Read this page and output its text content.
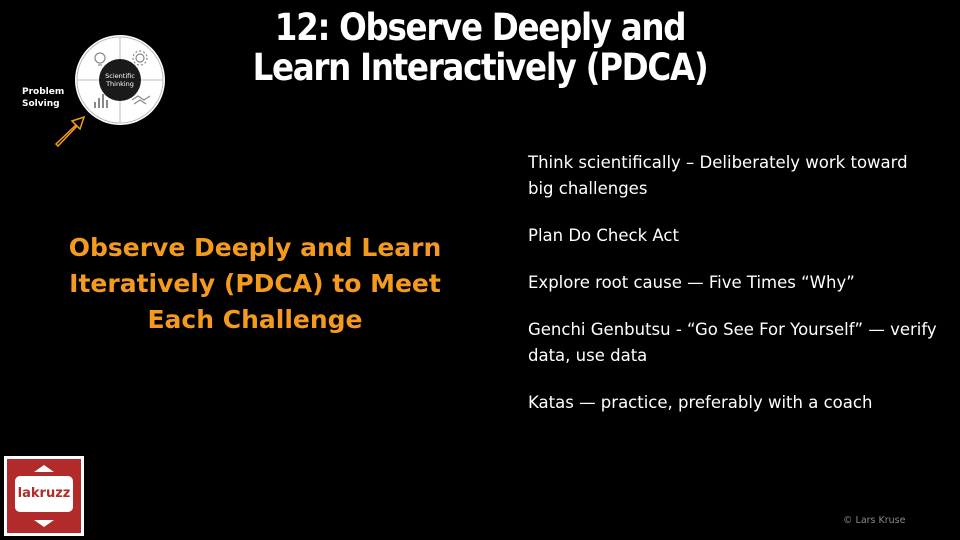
12: Observe Deeply and
Learn Interactively (PDCA)
Scientific
Thinking
Problem
Solving

Observe Deeply and Learn Iteratively (PDCA) to Meet Each Challenge

Think scientifically – Deliberately work toward big challenges
Plan Do Check Act
Explore root cause — Five Times “Why”
Genchi Genbutsu - “Go See For Yourself” — verify data, use data
Katas — practice, preferably with a coach
lakruzz
© Lars Kruse
